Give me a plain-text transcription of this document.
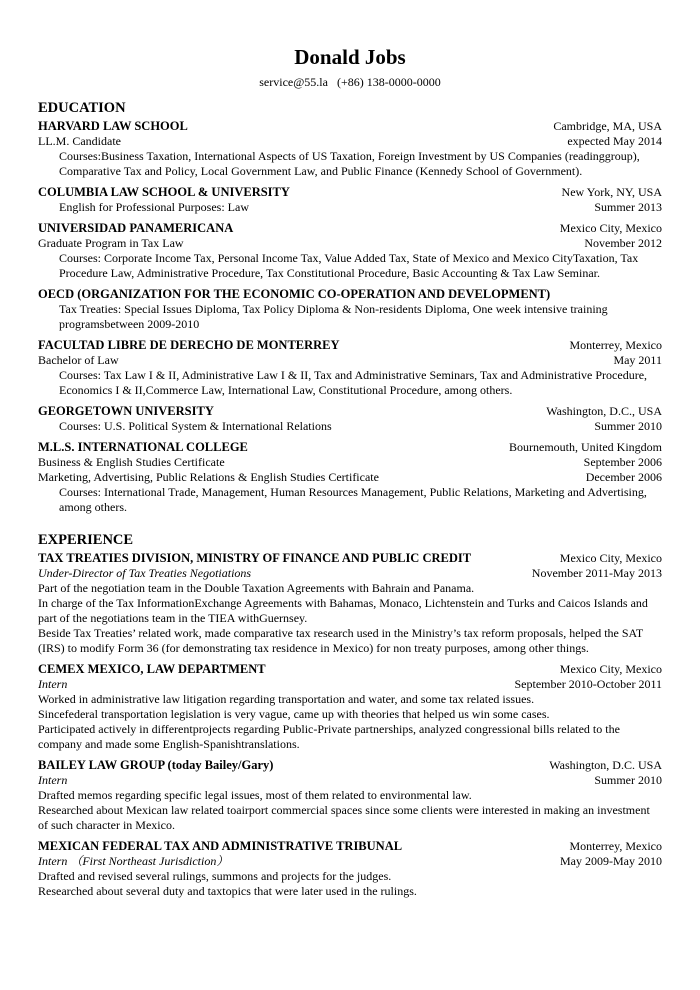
Donald Jobs
service@55.la (+86) 138-0000-0000
EDUCATION
HARVARD LAW SCHOOL	Cambridge, MA, USA
LL.M. Candidate	expected May 2014
Courses:Business Taxation, International Aspects of US Taxation, Foreign Investment by US Companies (readinggroup), Comparative Tax and Policy, Local Government Law, and Public Finance (Kennedy School of Government).
COLUMBIA LAW SCHOOL & UNIVERSITY	New York, NY, USA
English for Professional Purposes: Law	Summer 2013
UNIVERSIDAD PANAMERICANA	Mexico City, Mexico
Graduate Program in Tax Law	November 2012
Courses: Corporate Income Tax, Personal Income Tax, Value Added Tax, State of Mexico and Mexico CityTaxation, Tax Procedure Law, Administrative Procedure, Tax Constitutional Procedure, Basic Accounting & Tax Law Seminar.
OECD (ORGANIZATION FOR THE ECONOMIC CO-OPERATION AND DEVELOPMENT)
Tax Treaties: Special Issues Diploma, Tax Policy Diploma & Non-residents Diploma, One week intensive training programsbetween 2009-2010
FACULTAD LIBRE DE DERECHO DE MONTERREY	Monterrey, Mexico
Bachelor of Law	May 2011
Courses: Tax Law I & II, Administrative Law I & II, Tax and Administrative Seminars, Tax and Administrative Procedure, Economics I & II,Commerce Law, International Law, Constitutional Procedure, among others.
GEORGETOWN UNIVERSITY	Washington, D.C., USA
Courses: U.S. Political System & International Relations	Summer 2010
M.L.S. INTERNATIONAL COLLEGE	Bournemouth, United Kingdom
Business & English Studies Certificate	September 2006
Marketing, Advertising, Public Relations & English Studies Certificate	December 2006
Courses: International Trade, Management, Human Resources Management, Public Relations, Marketing and Advertising, among others.
EXPERIENCE
TAX TREATIES DIVISION, MINISTRY OF FINANCE AND PUBLIC CREDIT	Mexico City, Mexico
Under-Director of Tax Treaties Negotiations	November 2011-May 2013
Part of the negotiation team in the Double Taxation Agreements with Bahrain and Panama.
In charge of the Tax InformationExchange Agreements with Bahamas, Monaco, Lichtenstein and Turks and Caicos Islands and part of the negotiations team in the TIEA withGuernsey.
Beside Tax Treaties’ related work, made comparative tax research used in the Ministry’s tax reform proposals, helped the SAT (IRS) to modify Form 36 (for demonstrating tax residence in Mexico) for non treaty purposes, among other things.
CEMEX MEXICO, LAW DEPARTMENT	Mexico City, Mexico
Intern	September 2010-October 2011
Worked in administrative law litigation regarding transportation and water, and some tax related issues.
Sincefederal transportation legislation is very vague, came up with theories that helped us win some cases.
Participated actively in differentprojects regarding Public-Private partnerships, analyzed congressional bills related to the company and made some English-Spanishtranslations.
BAILEY LAW GROUP (today Bailey/Gary)	Washington, D.C. USA
Intern	Summer 2010
Drafted memos regarding specific legal issues, most of them related to environmental law.
Researched about Mexican law related toairport commercial spaces since some clients were interested in making an investment of such character in Mexico.
MEXICAN FEDERAL TAX AND ADMINISTRATIVE TRIBUNAL	Monterrey, Mexico
Intern （First Northeast Jurisdiction）	May 2009-May 2010
Drafted and revised several rulings, summons and projects for the judges.
Researched about several duty and taxtopics that were later used in the rulings.
